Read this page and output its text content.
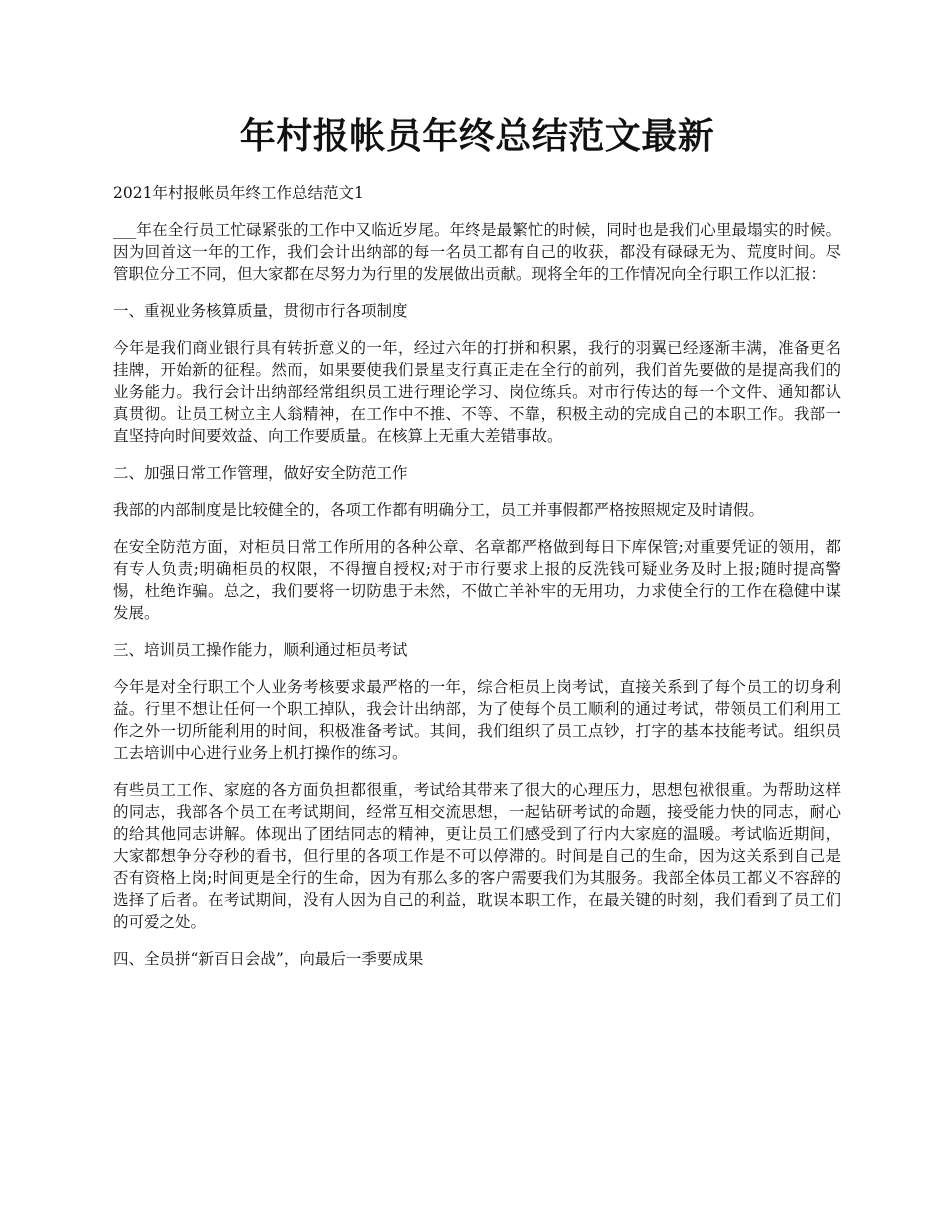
年村报帐员年终总结范文最新

2021年村报帐员年终工作总结范文1

___年在全行员工忙碌紧张的工作中又临近岁尾。年终是最繁忙的时候，同时也是我们心里最塌实的时候。因为回首这一年的工作，我们会计出纳部的每一名员工都有自己的收获，都没有碌碌无为、荒度时间。尽管职位分工不同，但大家都在尽努力为行里的发展做出贡献。现将全年的工作情况向全行职工作以汇报：

一、重视业务核算质量，贯彻市行各项制度

今年是我们商业银行具有转折意义的一年，经过六年的打拼和积累，我行的羽翼已经逐渐丰满，准备更名挂牌，开始新的征程。然而，如果要使我们景星支行真正走在全行的前列，我们首先要做的是提高我们的业务能力。我行会计出纳部经常组织员工进行理论学习、岗位练兵。对市行传达的每一个文件、通知都认真贯彻。让员工树立主人翁精神，在工作中不推、不等、不靠，积极主动的完成自己的本职工作。我部一直坚持向时间要效益、向工作要质量。在核算上无重大差错事故。

二、加强日常工作管理，做好安全防范工作

我部的内部制度是比较健全的，各项工作都有明确分工，员工并事假都严格按照规定及时请假。

在安全防范方面，对柜员日常工作所用的各种公章、名章都严格做到每日下库保管;对重要凭证的领用，都有专人负责;明确柜员的权限，不得擅自授权;对于市行要求上报的反洗钱可疑业务及时上报;随时提高警惕，杜绝诈骗。总之，我们要将一切防患于未然，不做亡羊补牢的无用功，力求使全行的工作在稳健中谋发展。

三、培训员工操作能力，顺利通过柜员考试

今年是对全行职工个人业务考核要求最严格的一年，综合柜员上岗考试，直接关系到了每个员工的切身利益。行里不想让任何一个职工掉队，我会计出纳部，为了使每个员工顺利的通过考试，带领员工们利用工作之外一切所能利用的时间，积极准备考试。其间，我们组织了员工点钞，打字的基本技能考试。组织员工去培训中心进行业务上机打操作的练习。

有些员工工作、家庭的各方面负担都很重，考试给其带来了很大的心理压力，思想包袱很重。为帮助这样的同志，我部各个员工在考试期间，经常互相交流思想，一起钻研考试的命题，接受能力快的同志，耐心的给其他同志讲解。体现出了团结同志的精神，更让员工们感受到了行内大家庭的温暖。考试临近期间，大家都想争分夺秒的看书，但行里的各项工作是不可以停滞的。时间是自己的生命，因为这关系到自己是否有资格上岗;时间更是全行的生命，因为有那么多的客户需要我们为其服务。我部全体员工都义不容辞的选择了后者。在考试期间，没有人因为自己的利益，耽误本职工作，在最关键的时刻，我们看到了员工们的可爱之处。

四、全员拼“新百日会战”，向最后一季要成果
